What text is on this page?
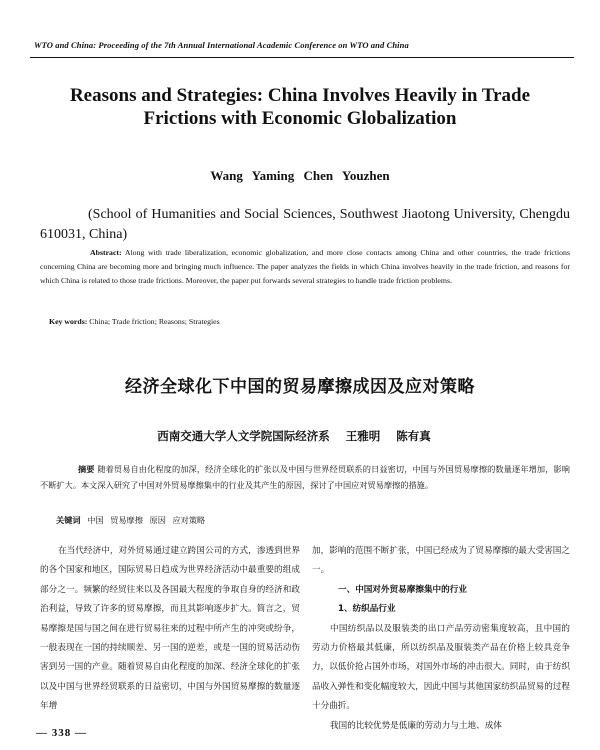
WTO and China: Proceeding of the 7th Annual International Academic Conference on WTO and China
Reasons and Strategies: China Involves Heavily in Trade
Frictions with Economic Globalization
Wang Yaming Chen Youzhen
(School of Humanities and Social Sciences, Southwest Jiaotong University, Chengdu 610031, China)
Abstract: Along with trade liberalization, economic globalization, and more close contacts among China and other countries, the trade frictions concerning China are becoming more and bringing much influence. The paper analyzes the fields in which China involves heavily in the trade friction, and reasons for which China is related to those trade frictions. Moreover, the paper put forwards several strategies to handle trade friction problems.
Key words: China; Trade friction; Reasons; Strategies
经济全球化下中国的贸易摩擦成因及应对策略
西南交通大学人文学院国际经济系 王雅明 陈有真
摘要 随着贸易自由化程度的加深，经济全球化的扩张以及中国与世界经贸联系的日益密切，中国与外国贸易摩擦的数量逐年增加，影响不断扩大。本文深入研究了中国对外贸易摩擦集中的行业及其产生的原因，探讨了中国应对贸易摩擦的措施。
关键词 中国 贸易摩擦 原因 应对策略
在当代经济中，对外贸易通过建立跨国公司的方式，渗透到世界的各个国家和地区，国际贸易日趋成为世界经济活动中最重要的组成部分之一。频繁的经贸往来以及各国最大程度的争取自身的经济和政治利益，导致了许多的贸易摩擦，而且其影响逐步扩大。简言之，贸易摩擦是国与国之间在进行贸易往来的过程中所产生的冲突或纷争，一般表现在一国的持续顺差、另一国的逆差，或是一国的贸易活动伤害到另一国的产业。随着贸易自由化程度的加深、经济全球化的扩张以及中国与世界经贸联系的日益密切，中国与外国贸易摩擦的数量逐年增

加，影响的范围不断扩张，中国已经成为了贸易摩擦的最大受害国之一。

一、中国对外贸易摩擦集中的行业

1、纺织品行业

中国纺织品以及服装类的出口产品劳动密集度较高，且中国的劳动力价格最其低廉，所以纺织品及服装类产品在价格上较具竞争力，以低价抢占国外市场，对国外市场的冲击很大。同时，由于纺织品收入弹性和变化幅度较大，因此中国与其他国家纺织品贸易的过程十分曲折。

我国的比较优势是低廉的劳动力与土地、成体

— 338 —
